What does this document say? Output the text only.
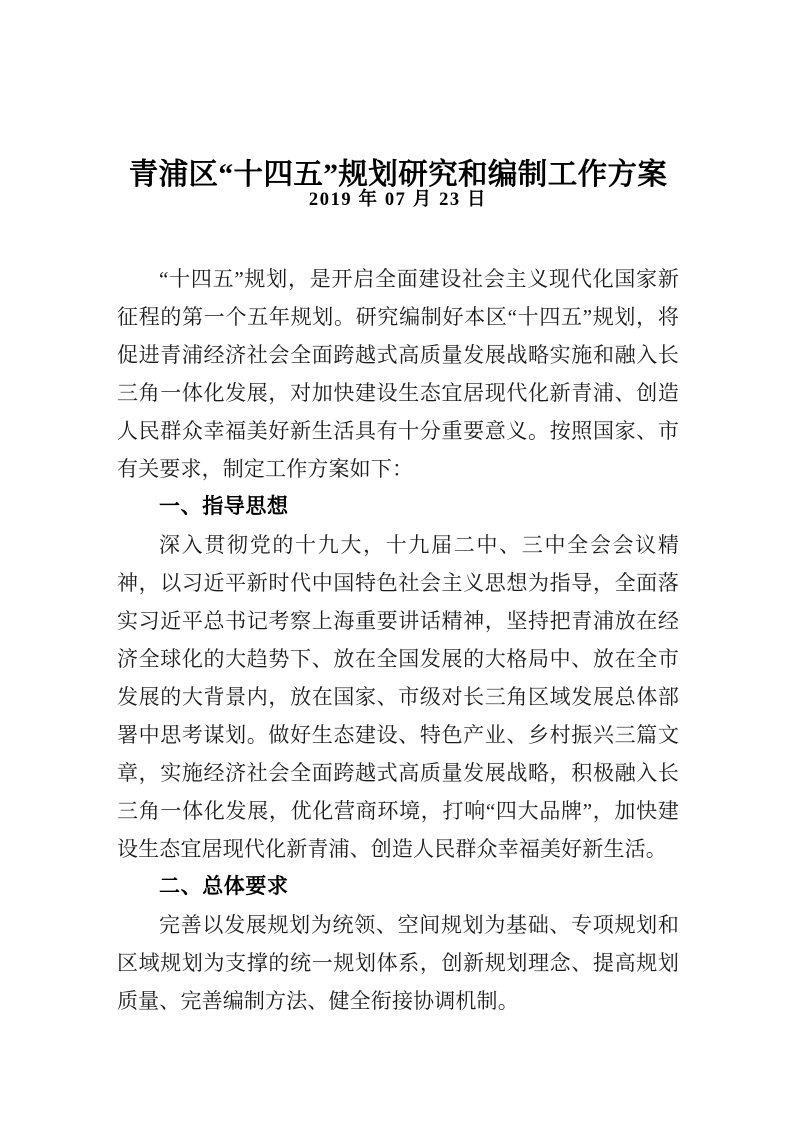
青浦区“十四五”规划研究和编制工作方案
2019 年 07 月 23 日

“十四五”规划，是开启全面建设社会主义现代化国家新征程的第一个五年规划。研究编制好本区“十四五”规划，将促进青浦经济社会全面跨越式高质量发展战略实施和融入长三角一体化发展，对加快建设生态宜居现代化新青浦、创造人民群众幸福美好新生活具有十分重要意义。按照国家、市有关要求，制定工作方案如下：

一、指导思想

深入贯彻党的十九大，十九届二中、三中全会会议精神，以习近平新时代中国特色社会主义思想为指导，全面落实习近平总书记考察上海重要讲话精神，坚持把青浦放在经济全球化的大趋势下、放在全国发展的大格局中、放在全市发展的大背景内，放在国家、市级对长三角区域发展总体部署中思考谋划。做好生态建设、特色产业、乡村振兴三篇文章，实施经济社会全面跨越式高质量发展战略，积极融入长三角一体化发展，优化营商环境，打响“四大品牌”，加快建设生态宜居现代化新青浦、创造人民群众幸福美好新生活。

二、总体要求

完善以发展规划为统领、空间规划为基础、专项规划和区域规划为支撑的统一规划体系，创新规划理念、提高规划质量、完善编制方法、健全衔接协调机制。
